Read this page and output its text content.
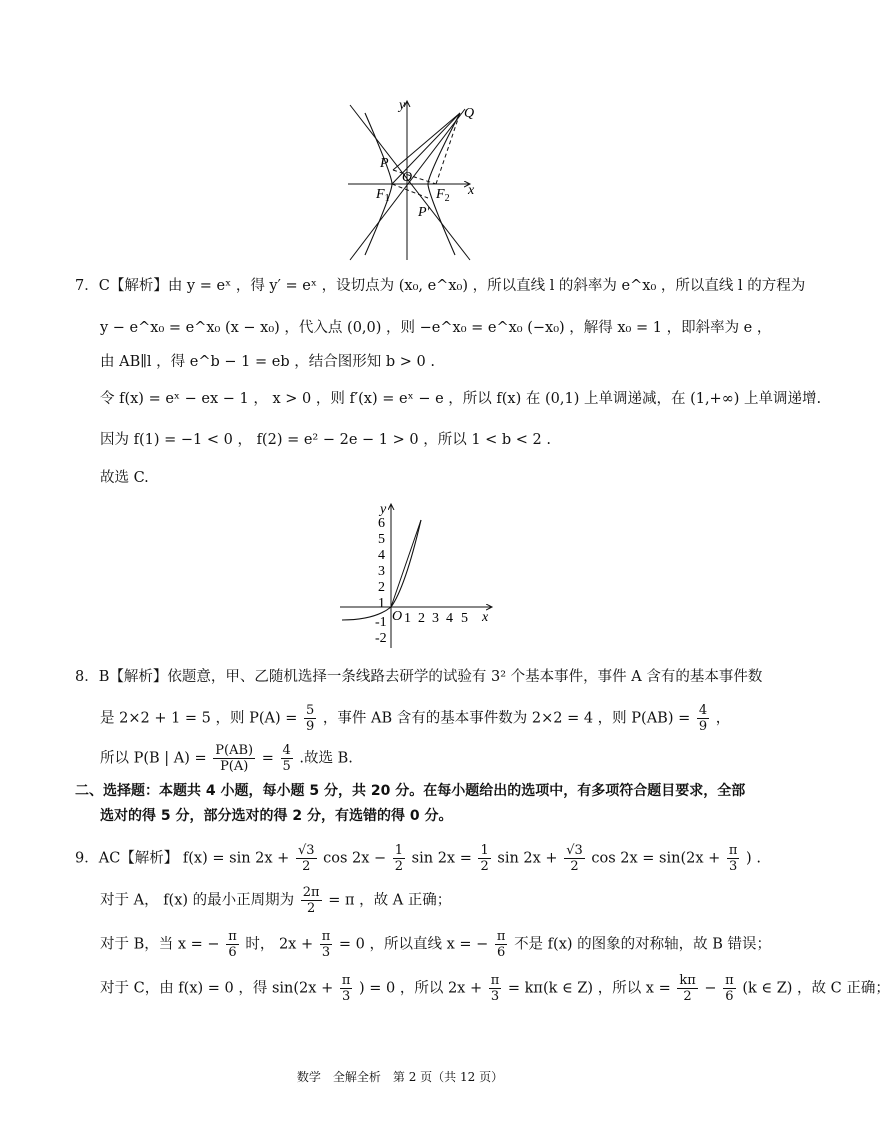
y
Q
P
O
x
$F_1$	$F_2$
P'
7．C【解析】由 y = eˣ ，得 y′ = eˣ ，设切点为 (x₀, e^x₀) ，所以直线 l 的斜率为 e^x₀ ，所以直线 l 的方程为
y − e^x₀ = e^x₀ (x − x₀) ，代入点 (0,0) ，则 −e^x₀ = e^x₀ (−x₀) ，解得 x₀ = 1 ，即斜率为 e ，
由 AB∥l ，得 e^b − 1 = eb ，结合图形知 b > 0 .
令 f(x) = eˣ − ex − 1 ， x > 0 ，则 f′(x) = eˣ − e ，所以 f(x) 在 (0,1) 上单调递减，在 (1,+∞) 上单调递增.
因为 f(1) = −1 < 0 ， f(2) = e² − 2e − 1 > 0 ，所以 1 < b < 2 .
故选 C.
y
x
O
6
5
4
3
2
1
-1
-2
1 2 3 4 5
8．B【解析】依题意，甲、乙随机选择一条线路去研学的试验有 3² 个基本事件，事件 A 含有的基本事件数
是 2×2 + 1 = 5 ，则 $P(A) = \frac{5}{9}$ ，事件 AB 含有的基本事件数为 2×2 = 4 ，则 $P(AB) = \frac{4}{9}$ ，
所以 P(B | $A) = \frac{P(AB)}{P(A)} = \frac{4}{5}$ .故选 B.
二、选择题：本题共 4 小题，每小题 5 分，共 20 分。在每小题给出的选项中，有多项符合题目要求，全部
选对的得 5 分，部分选对的得 2 分，有选错的得 0 分。
9．AC【解析】 $f(x) = \sin 2x + \frac{√3}{2}$ $\cos 2x - \frac{1}{2}$ $\sin 2x = \frac{1}{2}$ $\sin 2x + \frac{√3}{2}$ $\cos 2x = \sin(2x + \frac{\pi}{3}$ ) .
对于 A， f(x) 的最小正周期为 $\frac{2\pi}{2} = \pi$ ，故 A 正确；
对于 B，当 x = − $\frac{\pi}{6}$ 时， $2x + \frac{\pi}{3} = 0$ ，所以直线 x = − $\frac{\pi}{6}$ 不是 f(x) 的图象的对称轴，故 B 错误；
对于 C，由 f(x) = 0 ，得 $\sin(2x + \frac{\pi}{3}$ ) = 0 ，所以 $2x + \frac{\pi}{3} = k\pi(k$ ∈ Z) ，所以 $x = \frac{k\pi}{2} - \frac{\pi}{6} (k$ ∈ Z) ，故 C 正确；
数学　全解全析　第 2 页（共 12 页）
